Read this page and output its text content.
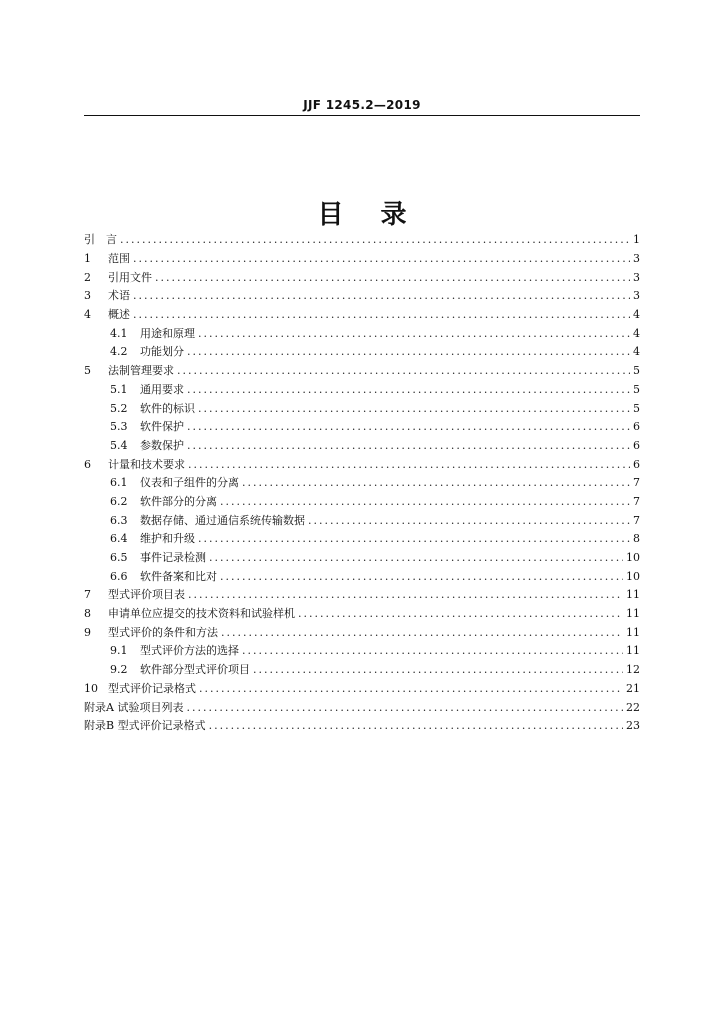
JJF 1245.2—2019
目 录
引　言 .....	1
1	范围 .....	3
2	引用文件 .....	3
3	术语 .....	3
4	概述 .....	4
4.1	用途和原理 .....	4
4.2	功能划分 .....	4
5	法制管理要求 .....	5
5.1	通用要求 .....	5
5.2	软件的标识 .....	5
5.3	软件保护 .....	6
5.4	参数保护 .....	6
6	计量和技术要求 .....	6
6.1	仪表和子组件的分离 .....	7
6.2	软件部分的分离 .....	7
6.3	数据存储、通过通信系统传输数据 .....	7
6.4	维护和升级 .....	8
6.5	事件记录检测 .....	10
6.6	软件备案和比对 .....	10
7	型式评价项目表 .....	11
8	申请单位应提交的技术资料和试验样机 .....	11
9	型式评价的条件和方法 .....	11
9.1	型式评价方法的选择 .....	11
9.2	软件部分型式评价项目 .....	12
10 型式评价记录格式 .....	21
附录A 试验项目列表 .....	22
附录B 型式评价记录格式 .....	23
